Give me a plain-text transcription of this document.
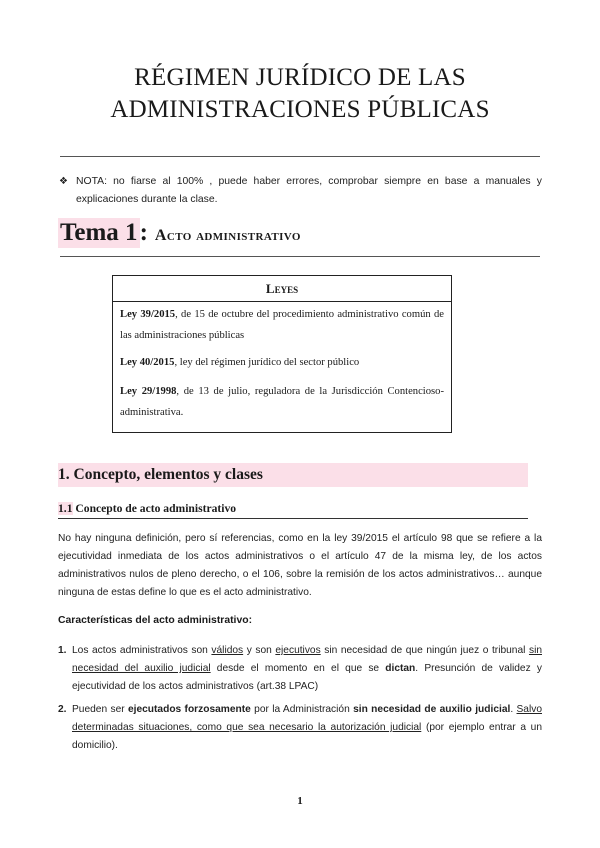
RÉGIMEN JURÍDICO DE LAS
ADMINISTRACIONES PÚBLICAS
❖ NOTA: no fiarse al 100% , puede haber errores, comprobar siempre en base a manuales y explicaciones durante la clase.
Tema 1 : Acto administrativo
Leyes

Ley 39/2015, de 15 de octubre del procedimiento administrativo común de las administraciones públicas

Ley 40/2015, ley del régimen jurídico del sector público

Ley 29/1998, de 13 de julio, reguladora de la Jurisdicción Contencioso-administrativa.

1. Concepto, elementos y clases
1.1 Concepto de acto administrativo
No hay ninguna definición, pero sí referencias, como en la ley 39/2015 el artículo 98 que se refiere a la ejecutividad inmediata de los actos administrativos o el artículo 47 de la misma ley, de los actos administrativos nulos de pleno derecho, o el 106, sobre la remisión de los actos administrativos… aunque ninguna de estas define lo que es el acto administrativo.
Características del acto administrativo:
1. Los actos administrativos son válidos y son ejecutivos sin necesidad de que ningún juez o tribunal sin necesidad del auxilio judicial desde el momento en el que se dictan. Presunción de validez y ejecutividad de los actos administrativos (art.38 LPAC)
2. Pueden ser ejecutados forzosamente por la Administración sin necesidad de auxilio judicial. Salvo determinadas situaciones, como que sea necesario la autorización judicial (por ejemplo entrar a un domicilio).
1
